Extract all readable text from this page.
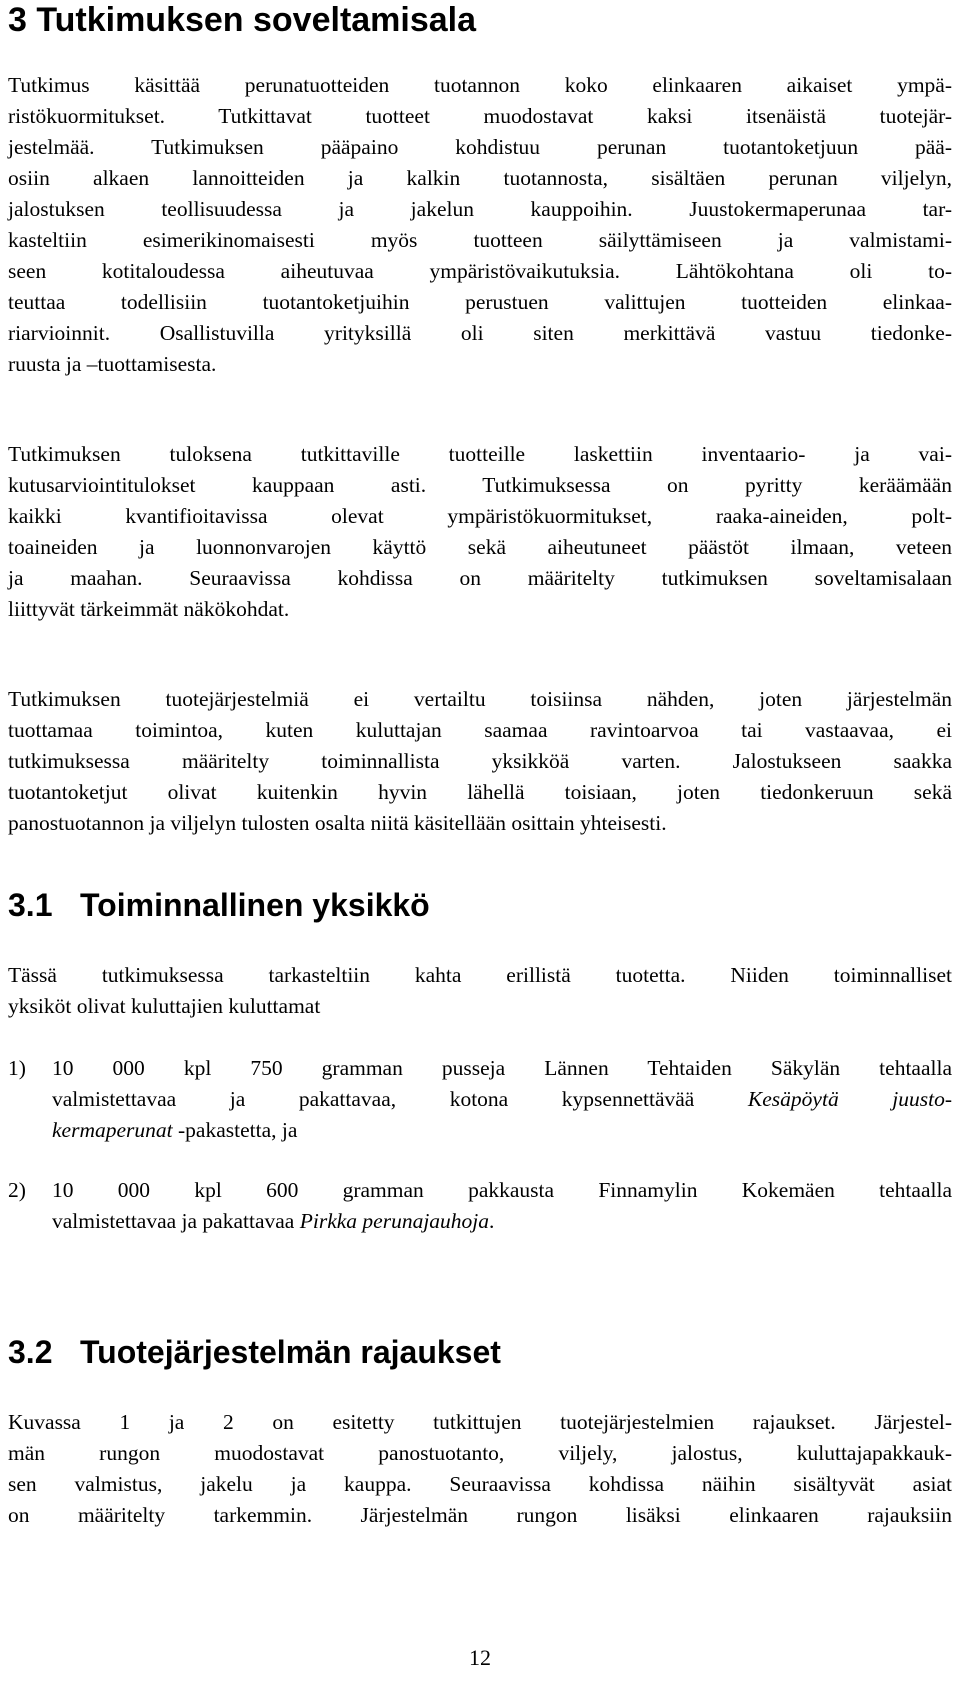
3 Tutkimuksen soveltamisala
Tutkimus käsittää perunatuotteiden tuotannon koko elinkaaren aikaiset ympä-
ristökuormitukset. Tutkittavat tuotteet muodostavat kaksi itsenäistä tuotejär-
jestelmää. Tutkimuksen pääpaino kohdistuu perunan tuotantoketjuun pää-
osiin alkaen lannoitteiden ja kalkin tuotannosta, sisältäen perunan viljelyn,
jalostuksen teollisuudessa ja jakelun kauppoihin. Juustokermaperunaa tar-
kasteltiin esimerikinomaisesti myös tuotteen säilyttämiseen ja valmistami-
seen kotitaloudessa aiheutuvaa ympäristövaikutuksia. Lähtökohtana oli to-
teuttaa todellisiin tuotantoketjuihin perustuen valittujen tuotteiden elinkaa-
riarvioinnit. Osallistuvilla yrityksillä oli siten merkittävä vastuu tiedonke-
ruusta ja –tuottamisesta.
Tutkimuksen tuloksena tutkittaville tuotteille laskettiin inventaario- ja vai-
kutusarviointitulokset kauppaan asti. Tutkimuksessa on pyritty keräämään
kaikki kvantifioitavissa olevat ympäristökuormitukset, raaka-aineiden, polt-
toaineiden ja luonnonvarojen käyttö sekä aiheutuneet päästöt ilmaan, veteen
ja maahan. Seuraavissa kohdissa on määritelty tutkimuksen soveltamisalaan
liittyvät tärkeimmät näkökohdat.
Tutkimuksen tuotejärjestelmiä ei vertailtu toisiinsa nähden, joten järjestelmän
tuottamaa toimintoa, kuten kuluttajan saamaa ravintoarvoa tai vastaavaa, ei
tutkimuksessa määritelty toiminnallista yksikköä varten. Jalostukseen saakka
tuotantoketjut olivat kuitenkin hyvin lähellä toisiaan, joten tiedonkeruun sekä
panostuotannon ja viljelyn tulosten osalta niitä käsitellään osittain yhteisesti.
3.1 Toiminnallinen yksikkö
Tässä tutkimuksessa tarkasteltiin kahta erillistä tuotetta. Niiden toiminnalliset
yksiköt olivat kuluttajien kuluttamat
1) 10 000 kpl 750 gramman pusseja Lännen Tehtaiden Säkylän tehtaalla
valmistettavaa ja pakattavaa, kotona kypsennettävää Kesäpöytä juusto-
kermaperunat -pakastetta, ja
2) 10 000 kpl 600 gramman pakkausta Finnamylin Kokemäen tehtaalla
valmistettavaa ja pakattavaa Pirkka perunajauhoja.
3.2 Tuotejärjestelmän rajaukset
Kuvassa 1 ja 2 on esitetty tutkittujen tuotejärjestelmien rajaukset. Järjestel-
män rungon muodostavat panostuotanto, viljely, jalostus, kuluttajapakkauk-
sen valmistus, jakelu ja kauppa. Seuraavissa kohdissa näihin sisältyvät asiat
on määritelty tarkemmin. Järjestelmän rungon lisäksi elinkaaren rajauksiin
12
